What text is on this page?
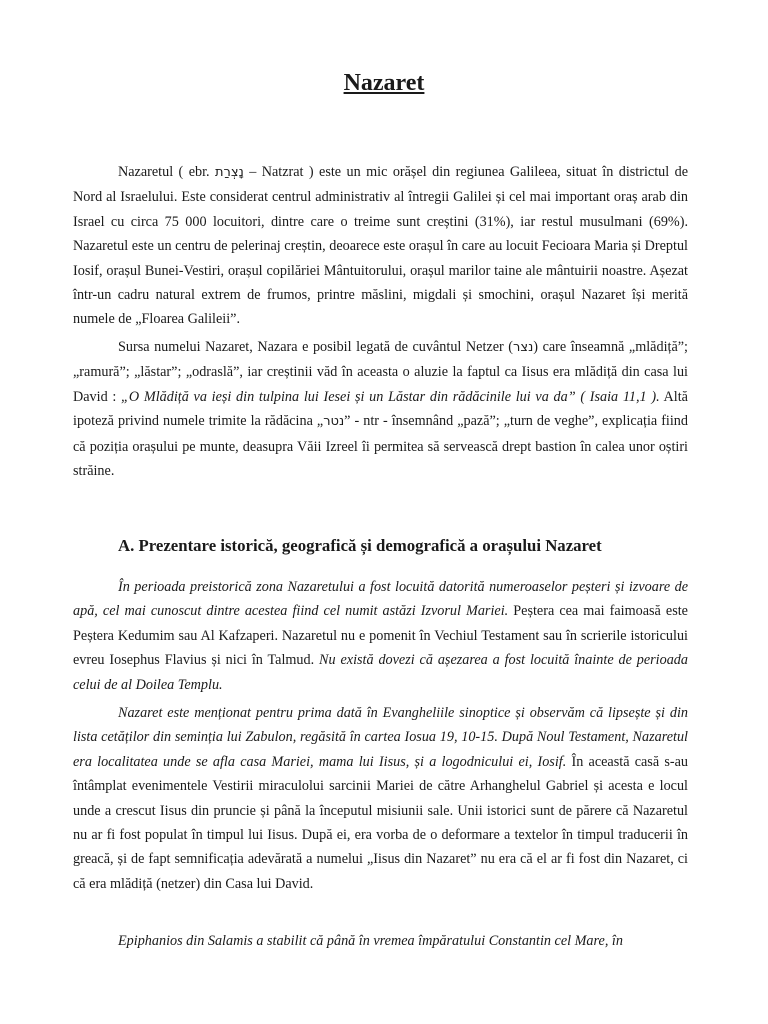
Nazaret

Nazaretul ( ebr. נָצְרַת – Natzrat ) este un mic orășel din regiunea Galileea, situat în districtul de Nord al Israelului. Este considerat centrul administrativ al întregii Galilei și cel mai important oraș arab din Israel cu circa 75 000 locuitori, dintre care o treime sunt creștini (31%), iar restul musulmani (69%). Nazaretul este un centru de pelerinaj creștin, deoarece este orașul în care au locuit Fecioara Maria și Dreptul Iosif, orașul Bunei-Vestiri, orașul copilăriei Mântuitorului, orașul marilor taine ale mântuirii noastre. Așezat într-un cadru natural extrem de frumos, printre măslini, migdali și smochini, orașul Nazaret își merită numele de „Floarea Galileii”.

Sursa numelui Nazaret, Nazara e posibil legată de cuvântul Netzer (נצר) care înseamnă „mlădiță”; „ramură”; „lăstar”; „odraslă”, iar creștinii văd în aceasta o aluzie la faptul ca Iisus era mlădiță din casa lui David : „O Mlădiță va ieși din tulpina lui Iesei și un Lăstar din rădăcinile lui va da” ( Isaia 11,1 ). Altă ipoteză privind numele trimite la rădăcina „נטר” - ntr - însemnând „pază”; „turn de veghe”, explicația fiind că poziția orașului pe munte, deasupra Văii Izreel îi permitea să servească drept bastion în calea unor oștiri străine.

A. Prezentare istorică, geografică și demografică a orașului Nazaret

În perioada preistorică zona Nazaretului a fost locuită datorită numeroaselor peșteri și izvoare de apă, cel mai cunoscut dintre acestea fiind cel numit astăzi Izvorul Mariei. Peștera cea mai faimoasă este Peștera Kedumim sau Al Kafzaperi. Nazaretul nu e pomenit în Vechiul Testament sau în scrierile istoricului evreu Iosephus Flavius și nici în Talmud. Nu există dovezi că așezarea a fost locuită înainte de perioada celui de al Doilea Templu.

Nazaret este menționat pentru prima dată în Evangheliile sinoptice și observăm că lipsește și din lista cetăților din seminția lui Zabulon, regăsită în cartea Iosua 19, 10-15. După Noul Testament, Nazaretul era localitatea unde se afla casa Mariei, mama lui Iisus, și a logodnicului ei, Iosif. În această casă s-au întâmplat evenimentele Vestirii miraculolui sarcinii Mariei de către Arhanghelul Gabriel și acesta e locul unde a crescut Iisus din pruncie și până la începutul misiunii sale. Unii istorici sunt de părere că Nazaretul nu ar fi fost populat în timpul lui Iisus. După ei, era vorba de o deformare a textelor în timpul traducerii în greacă, și de fapt semnificația adevărată a numelui „Iisus din Nazaret” nu era că el ar fi fost din Nazaret, ci că era mlădiță (netzer) din Casa lui David.

Epiphanios din Salamis a stabilit că până în vremea împăratului Constantin cel Mare, în
